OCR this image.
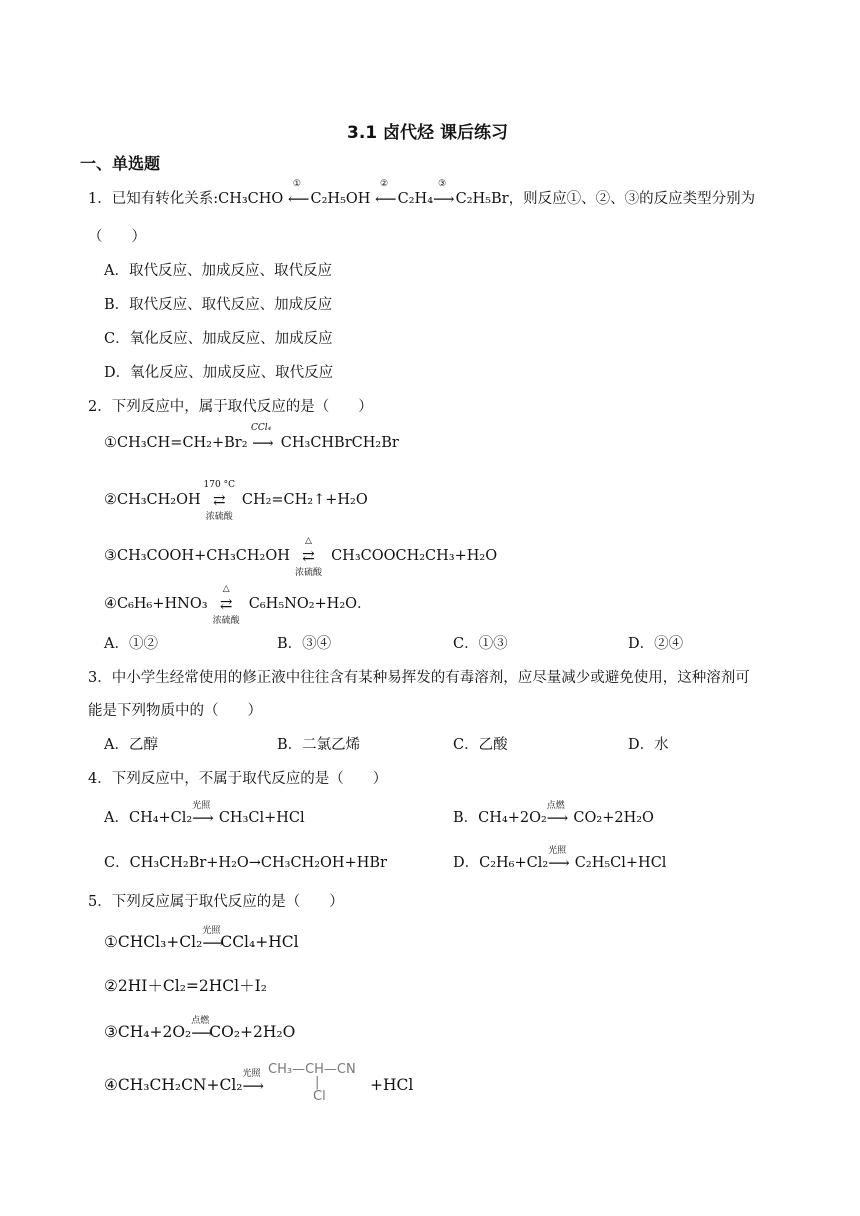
3.1 卤代烃 课后练习
一、单选题
1．已知有转化关系:CH₃CHO
①
⟵ C₂H₅OH
②
⟵ C₂H₄
③
⟶ C₂H₅Br，则反应①、②、③的反应类型分别为
（　　）
A．取代反应、加成反应、取代反应
B．取代反应、取代反应、加成反应
C．氧化反应、加成反应、加成反应
D．氧化反应、加成反应、取代反应
2．下列反应中，属于取代反应的是（　　）
①CH₃CH=CH₂+Br₂
CCl₄
⟶ CH₃CHBrCH₂Br
②CH₃CH₂OH
170 °C
⇄
浓硫酸
CH₂=CH₂↑+H₂O
③CH₃COOH+CH₃CH₂OH
△
⇄
浓硫酸
CH₃COOCH₂CH₃+H₂O
④C₆H₆+HNO₃
△
⇄
浓硫酸
C₆H₅NO₂+H₂O．
A．①②	B．③④	C．①③	D．②④
3．中小学生经常使用的修正液中往往含有某种易挥发的有毒溶剂，应尽量减少或避免使用，这种溶剂可
能是下列物质中的（　　）
A．乙醇	B．二氯乙烯	C．乙酸	D．水
4．下列反应中，不属于取代反应的是（　　）
A．CH₄+Cl₂
光照
⟶ CH₃Cl+HCl	B．CH₄+2O₂
点燃
⟶ CO₂+2H₂O
C．CH₃CH₂Br+H₂O→CH₃CH₂OH+HBr	D．C₂H₆+Cl₂
光照
⟶ C₂H₅Cl+HCl
5．下列反应属于取代反应的是（　　）
①CHCl₃+Cl₂
光照
⟶CCl₄+HCl
②2HI＋Cl₂=2HCl＋I₂
③CH₄+2O₂
点燃
⟶CO₂+2H₂O
④CH₃CH₂CN+Cl₂
光照
⟶
CH₃—CH—CN
|
Cl
+HCl
